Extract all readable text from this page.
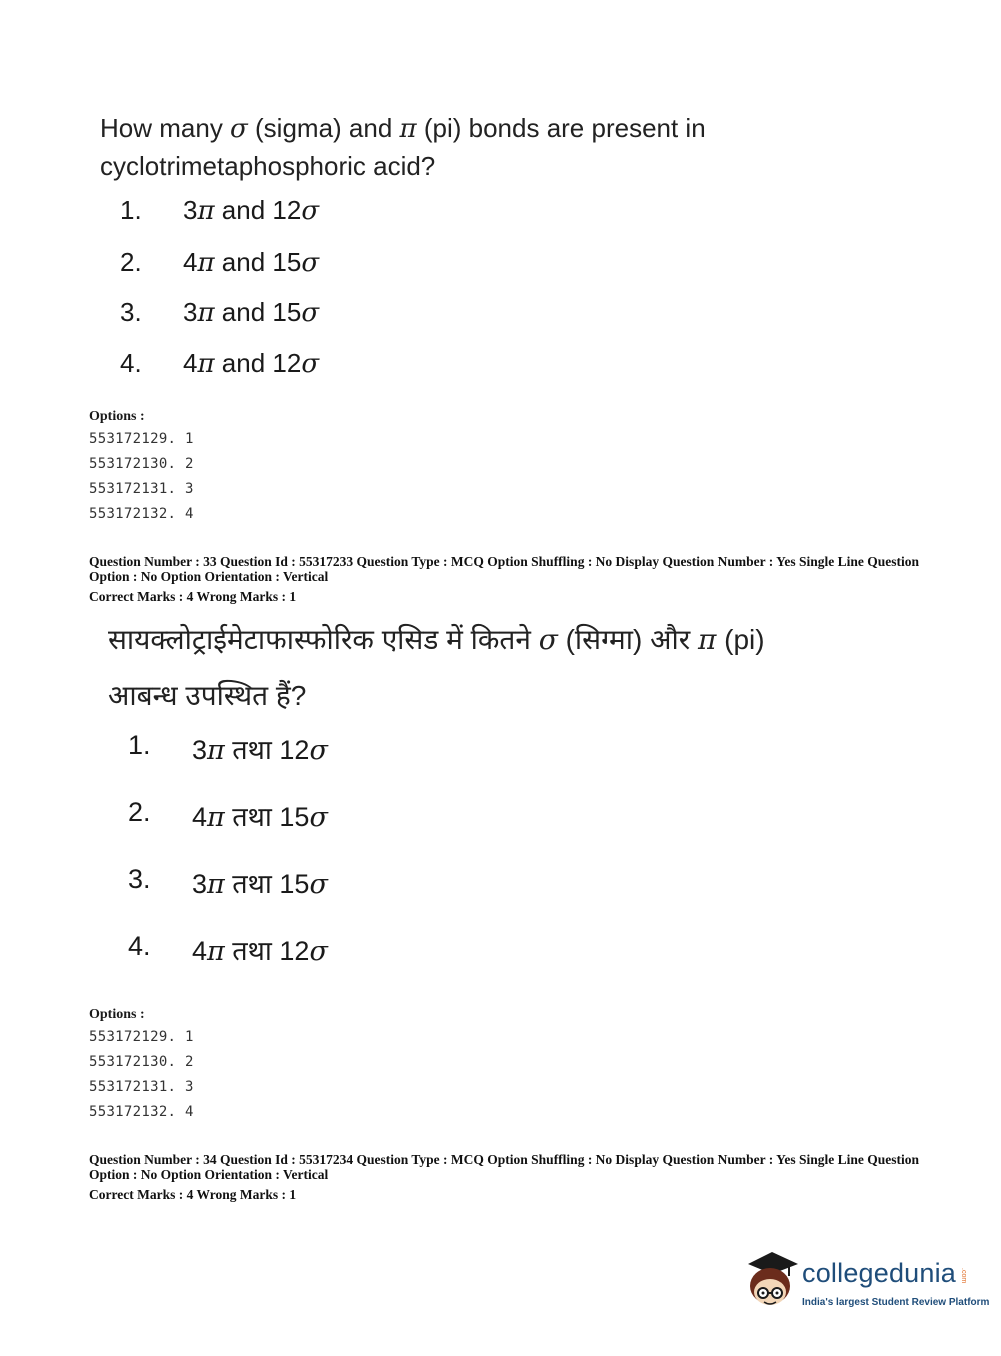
How many σ (sigma) and π (pi) bonds are present in cyclotrimetaphosphoric acid?
1. 3π and 12σ
2. 4π and 15σ
3. 3π and 15σ
4. 4π and 12σ
Options :
553172129. 1
553172130. 2
553172131. 3
553172132. 4
Question Number : 33 Question Id : 55317233 Question Type : MCQ Option Shuffling : No Display Question Number : Yes Single Line Question Option : No Option Orientation : Vertical
Correct Marks : 4 Wrong Marks : 1
सायक्लोट्राईमेटाफास्फोरिक एसिड में कितने σ (सिग्मा) और π (pi)
आबन्ध उपस्थित हैं?
1. 3π तथा 12σ
2. 4π तथा 15σ
3. 3π तथा 15σ
4. 4π तथा 12σ
Options :
553172129. 1
553172130. 2
553172131. 3
553172132. 4
Question Number : 34 Question Id : 55317234 Question Type : MCQ Option Shuffling : No Display Question Number : Yes Single Line Question Option : No Option Orientation : Vertical
Correct Marks : 4 Wrong Marks : 1
collegedunia .com
India's largest Student Review Platform
